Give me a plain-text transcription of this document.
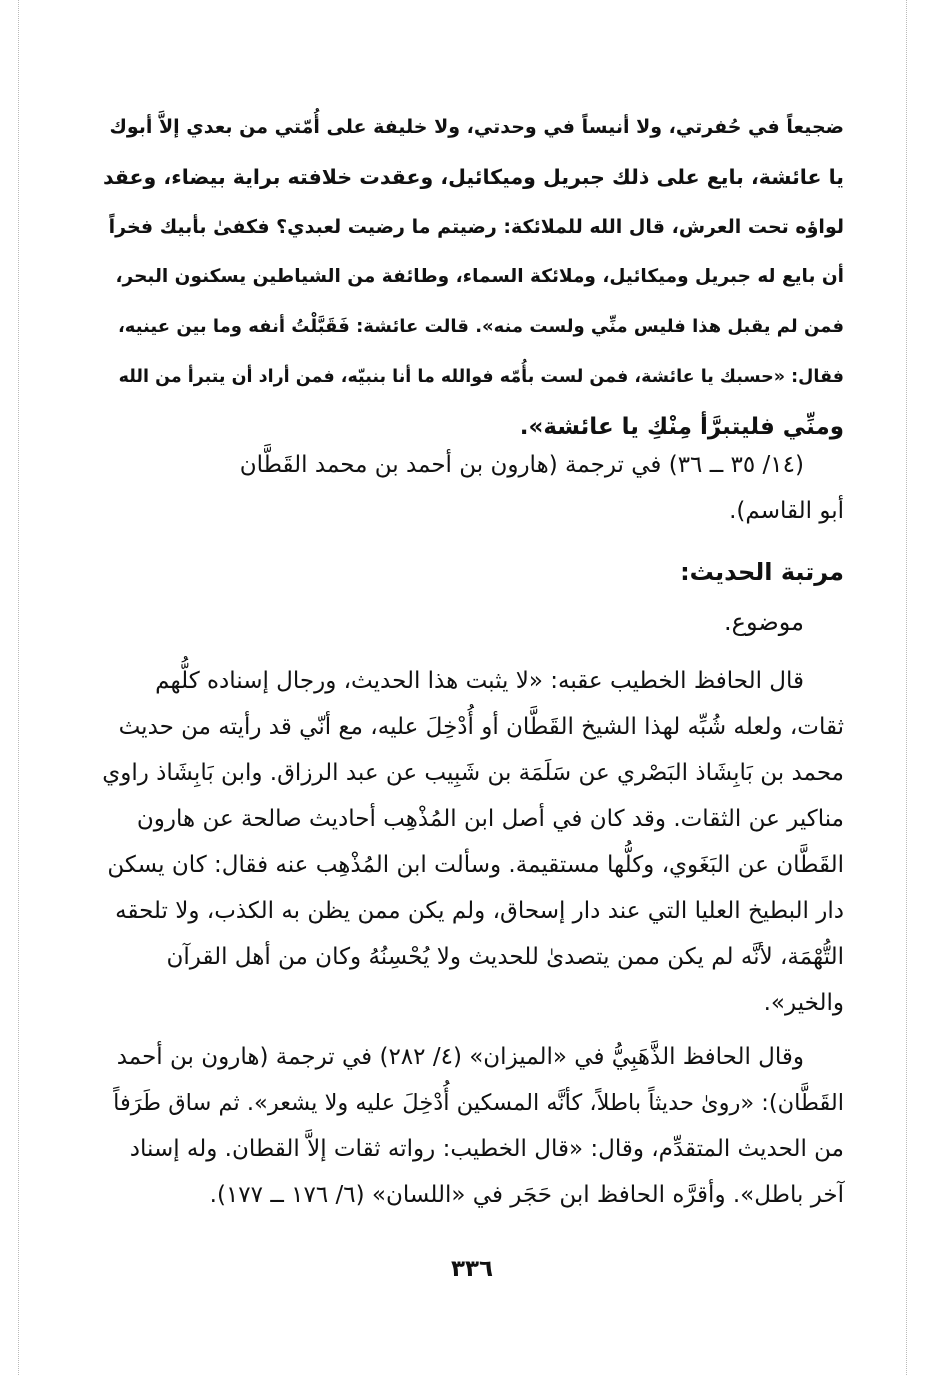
ضجيعاً في حُفرتي، ولا أنيساً في وحدتي، ولا خليفة على أُمّتي من بعدي إلاَّ أبوك
يا عائشة، بايع على ذلك جبريل وميكائيل، وعقدت خلافته براية بيضاء، وعقد
لواؤه تحت العرش، قال الله للملائكة: رضيتم ما رضيت لعبدي؟ فكفىٰ بأبيك فخراً
أن بايع له جبريل وميكائيل، وملائكة السماء، وطائفة من الشياطين يسكنون البحر،
فمن لم يقبل هذا فليس منِّي ولست منه». قالت عائشة: فَقَبَّلْتُ أنفه وما بين عينيه،
فقال: «حسبك يا عائشة، فمن لست بأُمّه فوالله ما أنا بنبيّه، فمن أراد أن يتبرأ من الله
ومنِّي فليتبرَّأ مِنْكِ يا عائشة».
(١٤/ ٣٥ ــ ٣٦) في ترجمة (هارون بن أحمد بن محمد القَطَّان
أبو القاسم).
مرتبة الحديث:
موضوع.
قال الحافظ الخطيب عقبه: «لا يثبت هذا الحديث، ورجال إسناده كلُّهم
ثقات، ولعله شُبِّه لهذا الشيخ القَطَّان أو أُدْخِلَ عليه، مع أنّي قد رأيته من حديث
محمد بن بَابِشَاذ البَصْري عن سَلَمَة بن شَبِيب عن عبد الرزاق. وابن بَابِشَاذ راوي
مناكير عن الثقات. وقد كان في أصل ابن المُذْهِب أحاديث صالحة عن هارون
القَطَّان عن البَغَوي، وكلُّها مستقيمة. وسألت ابن المُذْهِب عنه فقال: كان يسكن
دار البطيخ العليا التي عند دار إسحاق، ولم يكن ممن يظن به الكذب، ولا تلحقه
التُّهْمَة، لأنَّه لم يكن ممن يتصدىٰ للحديث ولا يُحْسِنُهُ وكان من أهل القرآن
والخير».
وقال الحافظ الذَّهَبِيُّ في «الميزان» (٤/ ٢٨٢) في ترجمة (هارون بن أحمد
القَطَّان): «روىٰ حديثاً باطلاً، كأنَّه المسكين أُدْخِلَ عليه ولا يشعر». ثم ساق طَرَفاً
من الحديث المتقدِّم، وقال: «قال الخطيب: رواته ثقات إلاَّ القطان. وله إسناد
آخر باطل». وأقرَّه الحافظ ابن حَجَر في «اللسان» (٦/ ١٧٦ ــ ١٧٧).
٣٣٦
